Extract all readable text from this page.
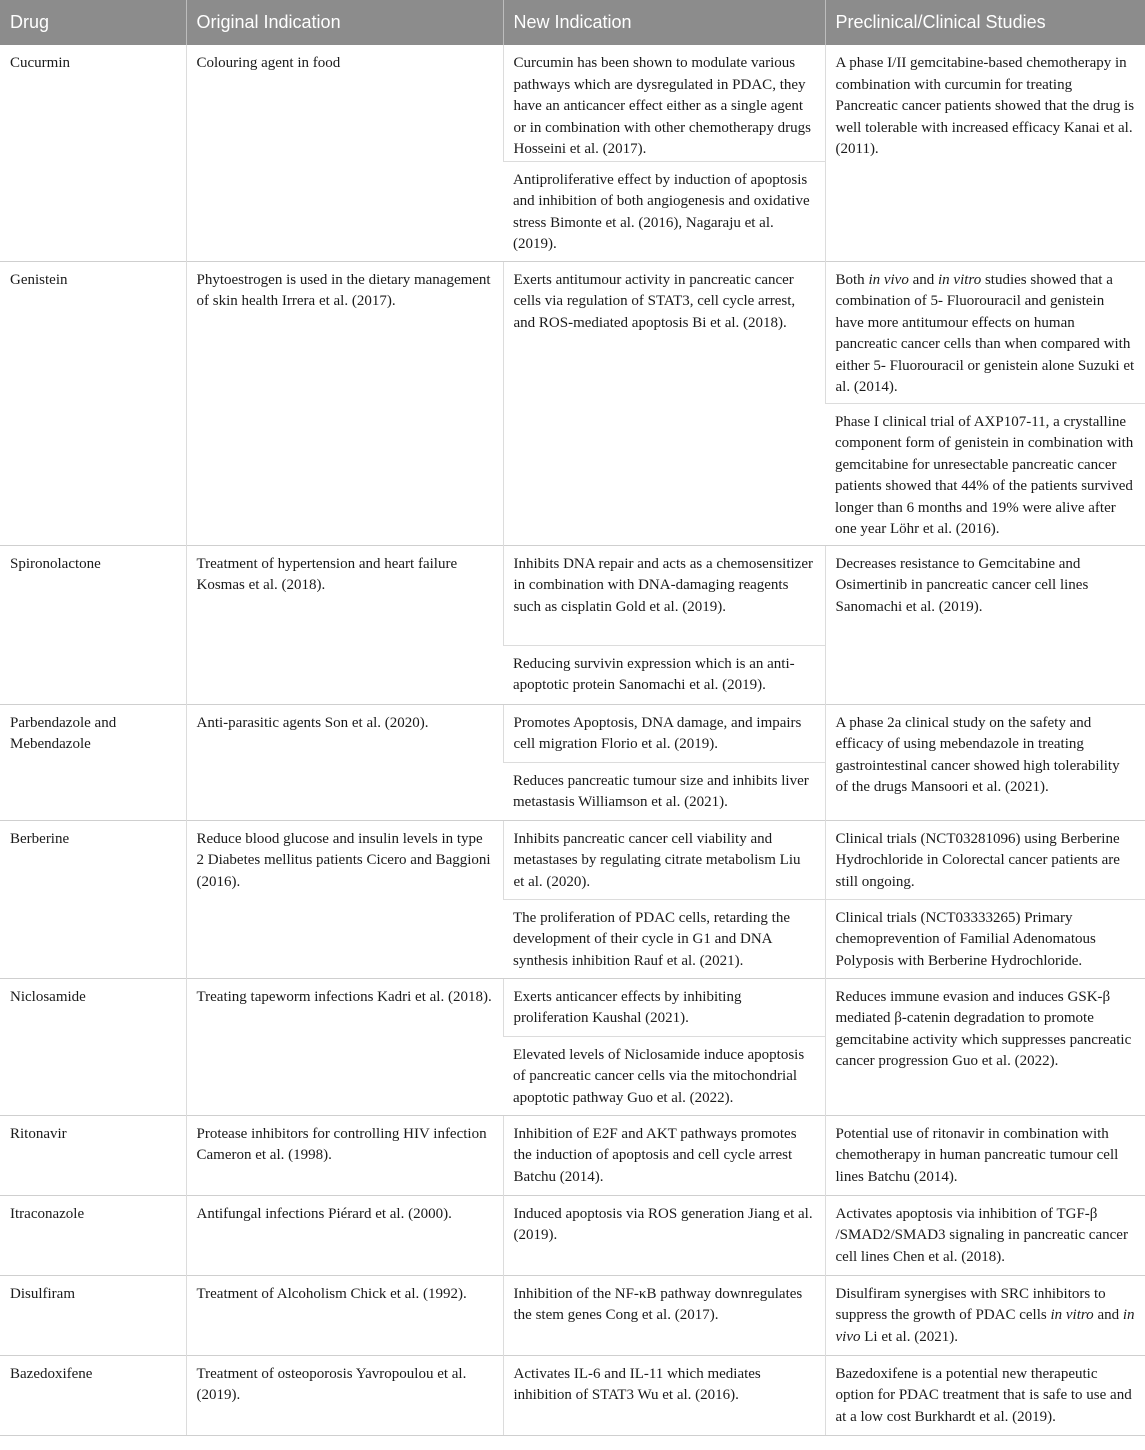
Drug	Original Indication	New Indication	Preclinical/Clinical Studies

Cucurmin	Colouring agent in food	Curcumin has been shown to modulate various pathways which are dysregulated in PDAC, they have an anticancer effect either as a single agent or in combination with other chemotherapy drugs Hosseini et al. (2017).	A phase I/II gemcitabine-based chemotherapy in combination with curcumin for treating Pancreatic cancer patients showed that the drug is well tolerable with increased efficacy Kanai et al. (2011).

		Antiproliferative effect by induction of apoptosis and inhibition of both angiogenesis and oxidative stress Bimonte et al. (2016), Nagaraju et al. (2019).	

Genistein	Phytoestrogen is used in the dietary management of skin health Irrera et al. (2017).	Exerts antitumour activity in pancreatic cancer cells via regulation of STAT3, cell cycle arrest, and ROS-mediated apoptosis Bi et al. (2018).	Both in vivo and in vitro studies showed that a combination of 5- Fluorouracil and genistein have more antitumour effects on human pancreatic cancer cells than when compared with either 5- Fluorouracil or genistein alone Suzuki et al. (2014).

			Phase I clinical trial of AXP107-11, a crystalline component form of genistein in combination with gemcitabine for unresectable pancreatic cancer patients showed that 44% of the patients survived longer than 6 months and 19% were alive after one year Löhr et al. (2016).

Spironolactone	Treatment of hypertension and heart failure Kosmas et al. (2018).	Inhibits DNA repair and acts as a chemosensitizer in combination with DNA-damaging reagents such as cisplatin Gold et al. (2019).	Decreases resistance to Gemcitabine and Osimertinib in pancreatic cancer cell lines Sanomachi et al. (2019).

		Reducing survivin expression which is an anti-apoptotic protein Sanomachi et al. (2019).	

Parbendazole and Mebendazole	Anti-parasitic agents Son et al. (2020).	Promotes Apoptosis, DNA damage, and impairs cell migration Florio et al. (2019).	A phase 2a clinical study on the safety and efficacy of using mebendazole in treating gastrointestinal cancer showed high tolerability of the drugs Mansoori et al. (2021).

		Reduces pancreatic tumour size and inhibits liver metastasis Williamson et al. (2021).	

Berberine	Reduce blood glucose and insulin levels in type 2 Diabetes mellitus patients Cicero and Baggioni (2016).	Inhibits pancreatic cancer cell viability and metastases by regulating citrate metabolism Liu et al. (2020).	Clinical trials (NCT03281096) using Berberine Hydrochloride in Colorectal cancer patients are still ongoing.

		The proliferation of PDAC cells, retarding the development of their cycle in G1 and DNA synthesis inhibition Rauf et al. (2021).	Clinical trials (NCT03333265) Primary chemoprevention of Familial Adenomatous Polyposis with Berberine Hydrochloride.

Niclosamide	Treating tapeworm infections Kadri et al. (2018).	Exerts anticancer effects by inhibiting proliferation Kaushal (2021).	Reduces immune evasion and induces GSK-β mediated β-catenin degradation to promote gemcitabine activity which suppresses pancreatic cancer progression Guo et al. (2022).

		Elevated levels of Niclosamide induce apoptosis of pancreatic cancer cells via the mitochondrial apoptotic pathway Guo et al. (2022).	

Ritonavir	Protease inhibitors for controlling HIV infection Cameron et al. (1998).	Inhibition of E2F and AKT pathways promotes the induction of apoptosis and cell cycle arrest Batchu (2014).	Potential use of ritonavir in combination with chemotherapy in human pancreatic tumour cell lines Batchu (2014).

Itraconazole	Antifungal infections Piérard et al. (2000).	Induced apoptosis via ROS generation Jiang et al. (2019).	Activates apoptosis via inhibition of TGF-β /SMAD2/SMAD3 signaling in pancreatic cancer cell lines Chen et al. (2018).

Disulfiram	Treatment of Alcoholism Chick et al. (1992).	Inhibition of the NF-κB pathway downregulates the stem genes Cong et al. (2017).	Disulfiram synergises with SRC inhibitors to suppress the growth of PDAC cells in vitro and in vivo Li et al. (2021).

Bazedoxifene	Treatment of osteoporosis Yavropoulou et al. (2019).	Activates IL-6 and IL-11 which mediates inhibition of STAT3 Wu et al. (2016).	Bazedoxifene is a potential new therapeutic option for PDAC treatment that is safe to use and at a low cost Burkhardt et al. (2019).
